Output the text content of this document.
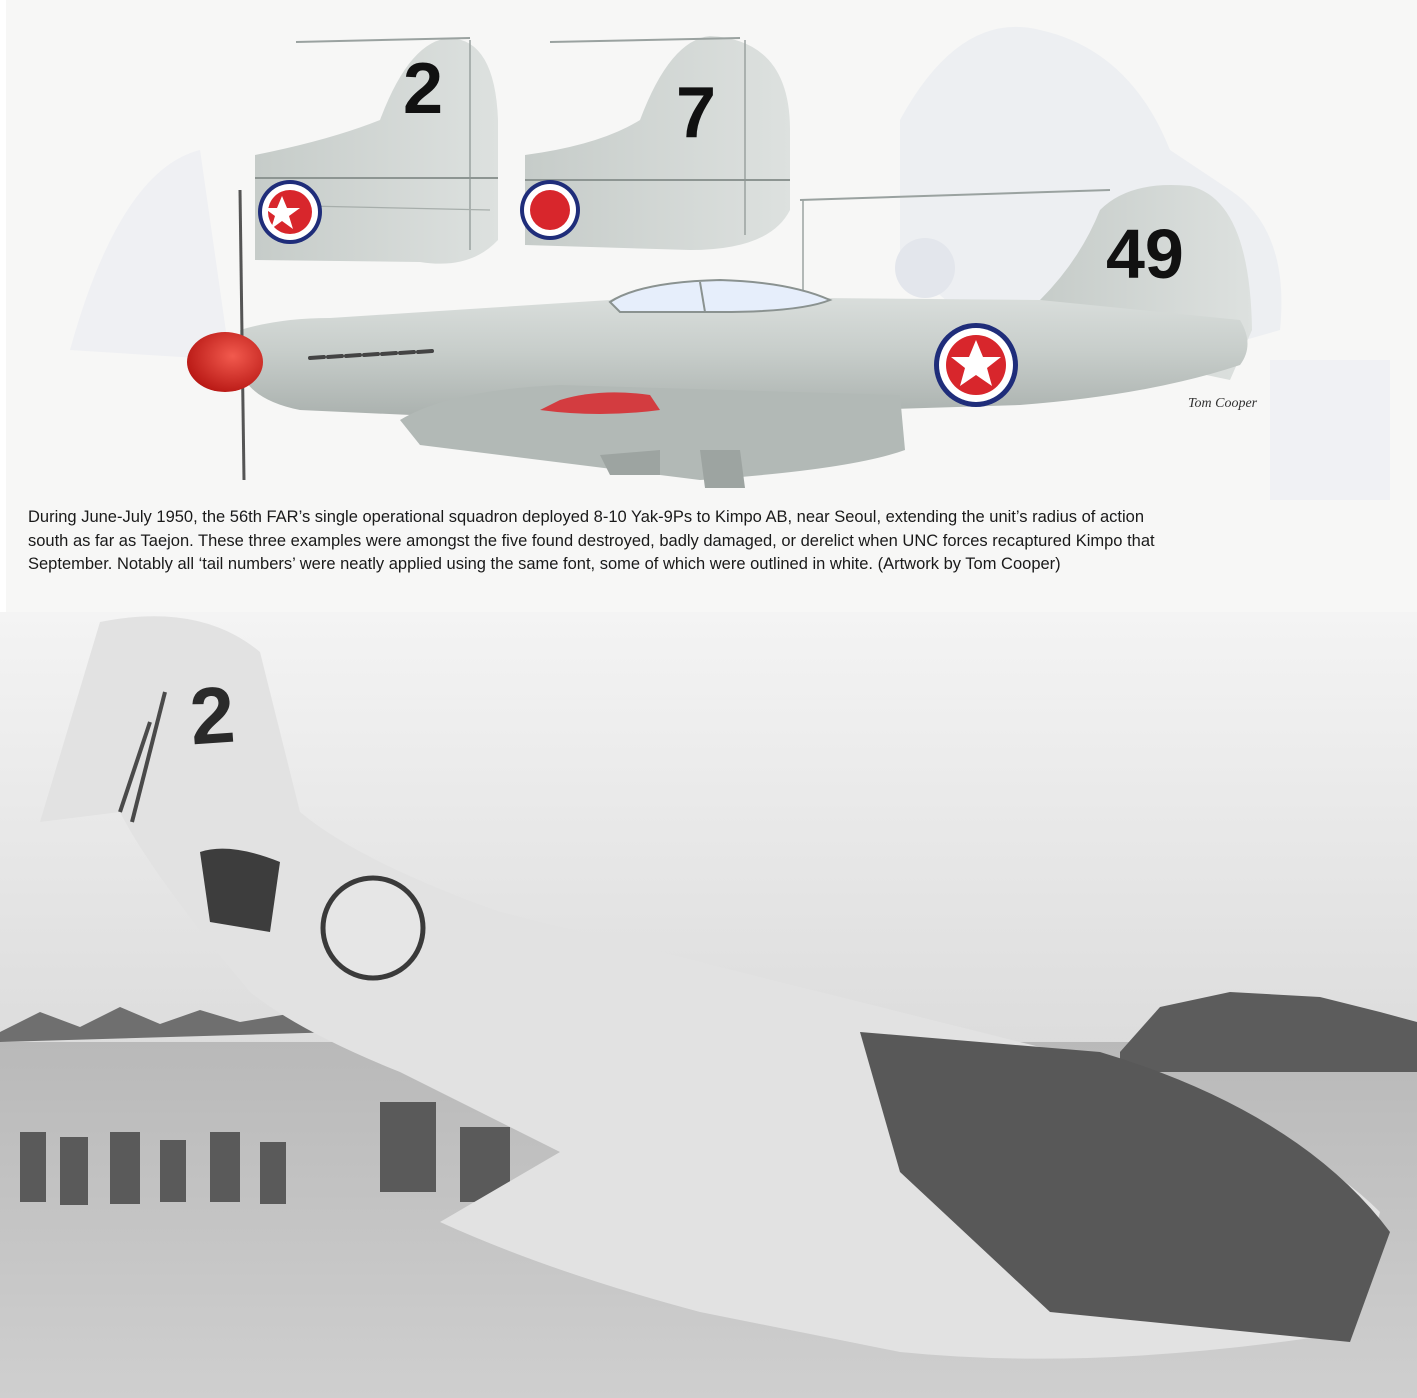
2	7
49
Tom Cooper
During June-July 1950, the 56th FAR’s single operational squadron deployed 8-10 Yak-9Ps to Kimpo AB, near Seoul, extending the unit’s radius of action
south as far as Taejon. These three examples were amongst the five found destroyed, badly damaged, or derelict when UNC forces recaptured Kimpo that
September. Notably all ‘tail numbers’ were neatly applied using the same font, some of which were outlined in white. (Artwork by Tom Cooper)
2
